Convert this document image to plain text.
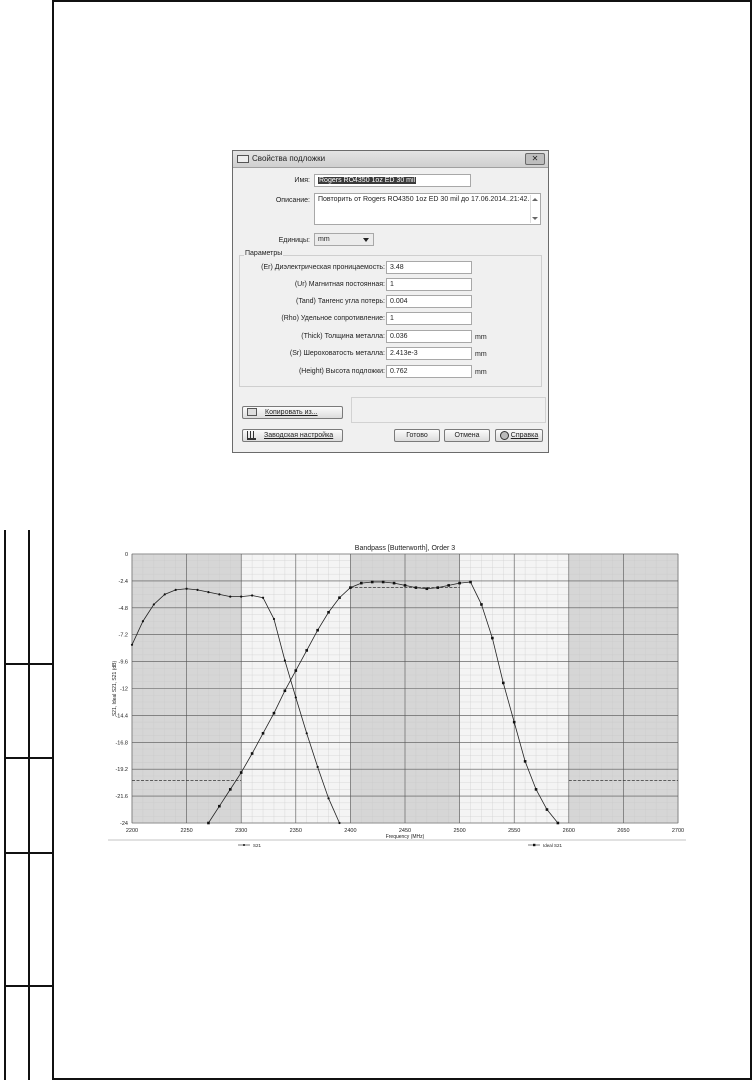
Свойства подложки	✕
Имя:	Rogers RO4350 1oz ED 30 mil
Описание:	Повторить от Rogers RO4350 1oz ED 30 mil до 17.06.2014..21:42.
Единицы:	mm
Параметры
(Er) Диэлектрическая проницаемость: 3.48
(Ur) Магнитная постоянная: 1
(Tand) Тангенс угла потерь: 0.004
(Rho) Удельное сопротивление: 1
(Thick) Толщина металла: 0.036	mm
(Sr) Шероховатость металла: 2.413e-3	mm
(Height) Высота подложки: 0.762	mm
Копировать из...
Заводская настройка	Готово	Отмена	Справка
2200	2250	2300	2350	2400	2450	2500	2550	2600	2650	2700
0
-2.4
-4.8
-7.2
-9.6
-12
-14.4
-16.8
-19.2
-21.6
-24
Bandpass [Butterworth], Order 3
Frequency (MHz)
S21, Ideal S21, S21 (dB)
S21	Ideal S21
